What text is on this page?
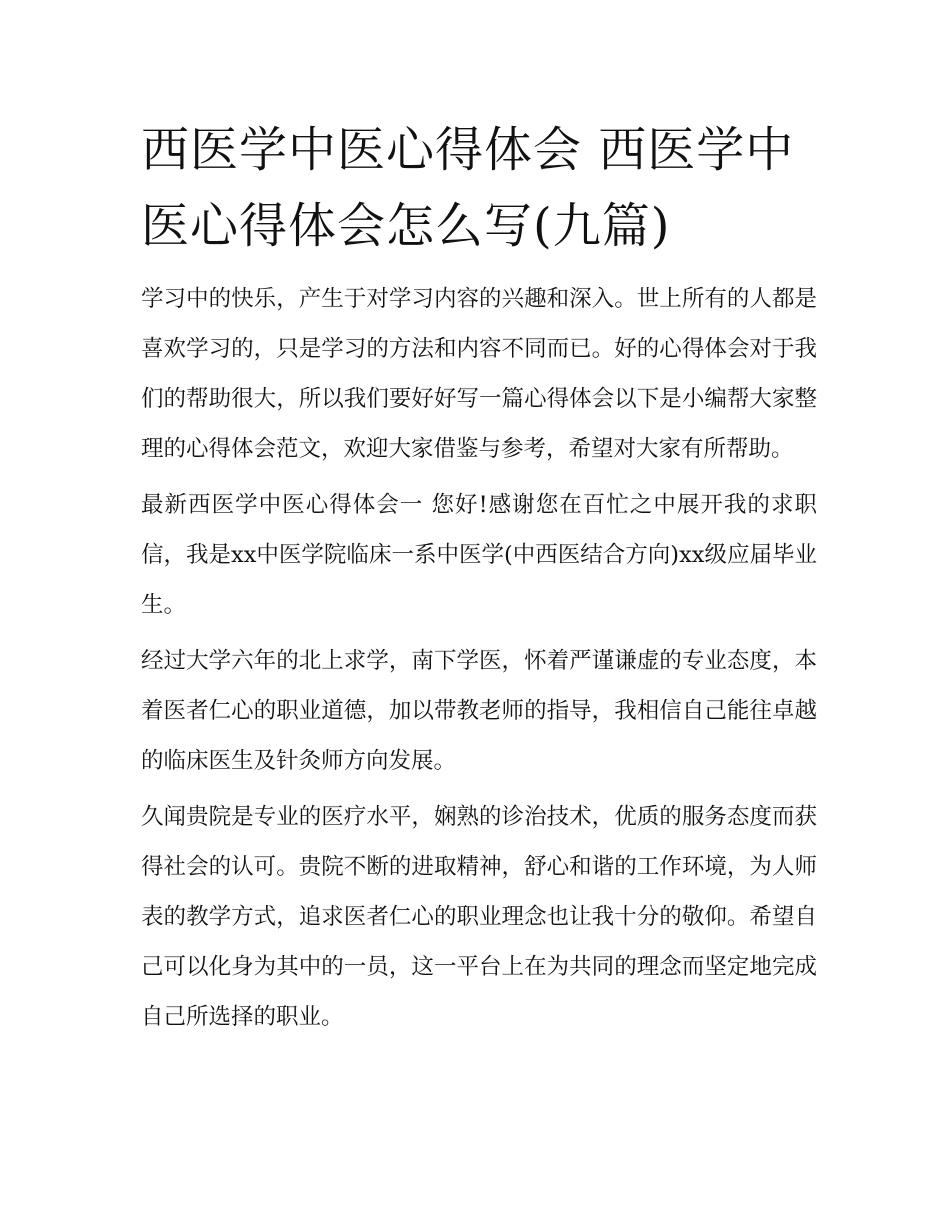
西医学中医心得体会 西医学中医心得体会怎么写(九篇)

学习中的快乐，产生于对学习内容的兴趣和深入。世上所有的人都是喜欢学习的，只是学习的方法和内容不同而已。好的心得体会对于我们的帮助很大，所以我们要好好写一篇心得体会以下是小编帮大家整理的心得体会范文，欢迎大家借鉴与参考，希望对大家有所帮助。

最新西医学中医心得体会一 您好!感谢您在百忙之中展开我的求职信，我是xx中医学院临床一系中医学(中西医结合方向)xx级应届毕业生。

经过大学六年的北上求学，南下学医，怀着严谨谦虚的专业态度，本着医者仁心的职业道德，加以带教老师的指导，我相信自己能往卓越的临床医生及针灸师方向发展。

久闻贵院是专业的医疗水平，娴熟的诊治技术，优质的服务态度而获得社会的认可。贵院不断的进取精神，舒心和谐的工作环境，为人师表的教学方式，追求医者仁心的职业理念也让我十分的敬仰。希望自己可以化身为其中的一员，这一平台上在为共同的理念而坚定地完成自己所选择的职业。
